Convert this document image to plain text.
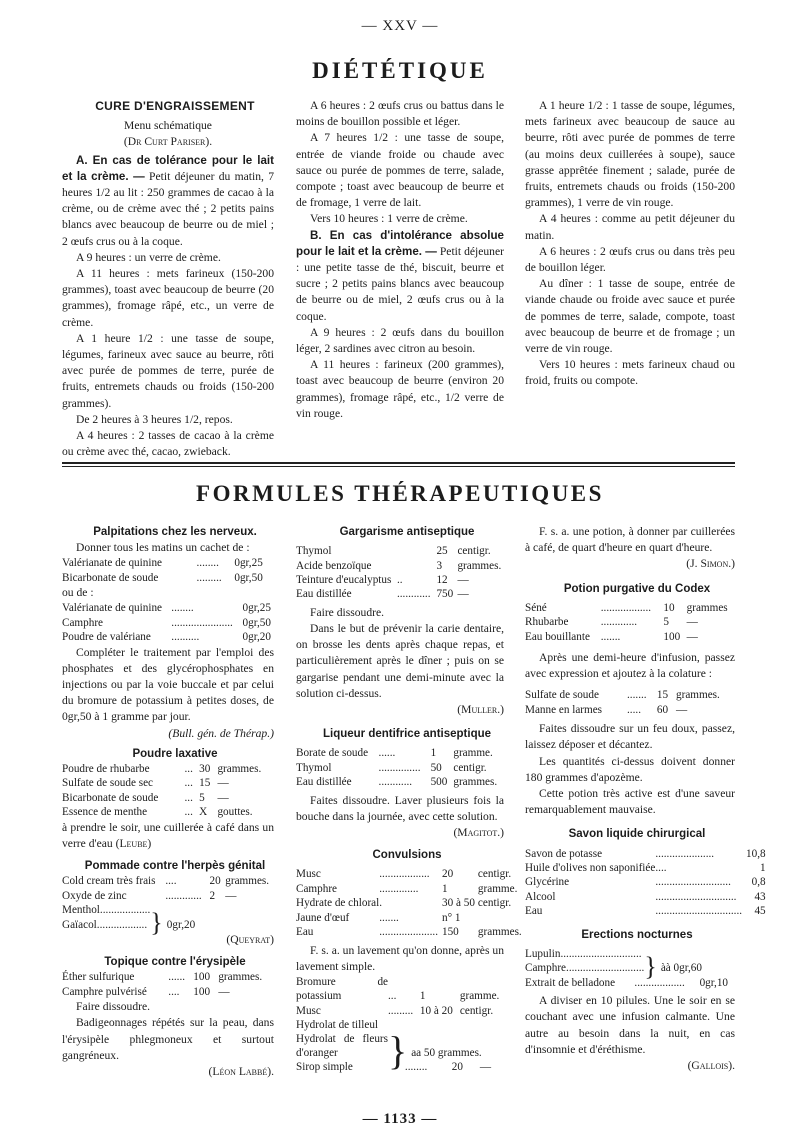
— XXV —
DIÉTÉTIQUE

CURE D'ENGRAISSEMENT

Menu schématique

(Dr Curt Pariser).

A. En cas de tolérance pour le lait et la crème. — Petit déjeuner du matin, 7 heures 1/2 au lit : 250 grammes de cacao à la crème, ou de crème avec thé ; 2 petits pains blancs avec beaucoup de beurre ou de miel ; 2 œufs crus ou à la coque.

A 9 heures : un verre de crème.

A 11 heures : mets farineux (150-200 grammes), toast avec beaucoup de beurre (20 grammes), fromage râpé, etc., un verre de crème.

A 1 heure 1/2 : une tasse de soupe, légumes, farineux avec sauce au beurre, rôti avec purée de pommes de terre, purée de fruits, entremets chauds ou froids (150-200 grammes).

De 2 heures à 3 heures 1/2, repos.

A 4 heures : 2 tasses de cacao à la crème ou crème avec thé, cacao, zwieback.

A 6 heures : 2 œufs crus ou battus dans le moins de bouillon possible et léger.

A 7 heures 1/2 : une tasse de soupe, entrée de viande froide ou chaude avec sauce ou purée de pommes de terre, salade, compote ; toast avec beaucoup de beurre et de fromage, 1 verre de lait.

Vers 10 heures : 1 verre de crème.

B. En cas d'intolérance absolue pour le lait et la crème. — Petit déjeuner : une petite tasse de thé, biscuit, beurre et sucre ; 2 petits pains blancs avec beaucoup de beurre ou de miel, 2 œufs crus ou à la coque.

A 9 heures : 2 œufs dans du bouillon léger, 2 sardines avec citron au besoin.

A 11 heures : farineux (200 grammes), toast avec beaucoup de beurre (environ 20 grammes), fromage râpé, etc., 1/2 verre de vin rouge.

A 1 heure 1/2 : 1 tasse de soupe, légumes, mets farineux avec beaucoup de sauce au beurre, rôti avec purée de pommes de terre (au moins deux cuillerées à soupe), sauce grasse apprêtée finement ; salade, purée de fruits, entremets chauds ou froids (150-200 grammes), 1 verre de vin rouge.

A 4 heures : comme au petit déjeuner du matin.

A 6 heures : 2 œufs crus ou dans très peu de bouillon léger.

Au dîner : 1 tasse de soupe, entrée de viande chaude ou froide avec sauce et purée de pommes de terre, salade, compote, toast avec beaucoup de beurre et de fromage ; un verre de vin rouge.

Vers 10 heures : mets farineux chaud ou froid, fruits ou compote.

FORMULES THÉRAPEUTIQUES

Palpitations chez les nerveux.

Donner tous les matins un cachet de :

Valérianate de quinine	........	0gr,25
Bicarbonate de soude	.........	0gr,50

ou de :

Valérianate de quinine	........	0gr,25
Camphre	......................	0gr,50
Poudre de valériane	..........	0gr,20

Compléter le traitement par l'emploi des phosphates et des glycérophosphates en injections ou par la voie buccale et par celui du bromure de potassium à petites doses, de 0gr,50 à 1 gramme par jour.

(Bull. gén. de Thérap.)

Poudre laxative

Poudre de rhubarbe	...	30	grammes.
Sulfate de soude sec	...	15	—
Bicarbonate de soude	...	5	—
Essence de menthe	...	X	gouttes.

à prendre le soir, une cuillerée à café dans un verre d'eau (Leube)

Pommade contre l'herpès génital

Cold cream très frais	....	20	grammes.
Oxyde de zinc	.............	2	—
Menthol..................
Gaïacol..................	}	0gr,20

(Queyrat)

Topique contre l'érysipèle

Éther sulfurique	......	100	grammes.
Camphre pulvérisé	....	100	—

Faire dissoudre.

Badigeonnages répétés sur la peau, dans l'érysipèle phlegmoneux et surtout gangréneux.

(Léon Labbé).

Gargarisme antiseptique

Thymol		25	centigr.
Acide benzoïque		3	grammes.
Teinture d'eucalyptus	..	12	—
Eau distillée	............	750	—

Faire dissoudre.

Dans le but de prévenir la carie dentaire, on brosse les dents après chaque repas, et particulièrement après le dîner ; puis on se gargarise pendant une demi-minute avec la solution ci-dessus.

(Muller.)

Liqueur dentifrice antiseptique

Borate de soude	......	1	gramme.
Thymol	...............	50	centigr.
Eau distillée	............	500	grammes.

Faites dissoudre. Laver plusieurs fois la bouche dans la journée, avec cette solution.

(Magitot.)

Convulsions

Musc	..................	20	centigr.
Camphre	..............	1	gramme.
Hydrate de chloral	.	30 à 50	centigr.
Jaune d'œuf	.......	n° 1	
Eau	.....................	150	grammes.

F. s. a. un lavement qu'on donne, après un lavement simple.

Bromure de potassium	...	1	gramme.
Musc	.........	10 à 20	centigr.
Hydrolat de tilleul
Hydrolat de fleurs d'oranger	}	aa 50 grammes.
Sirop simple	........	20	—

F. s. a. une potion, à donner par cuillerées à café, de quart d'heure en quart d'heure.

(J. Simon.)

Potion purgative du Codex

Séné	..................	10	grammes
Rhubarbe	.............	5	—
Eau bouillante	.......	100	—

Après une demi-heure d'infusion, passez avec expression et ajoutez à la colature :

Sulfate de soude	.......	15	grammes.
Manne en larmes	.....	60	—

Faites dissoudre sur un feu doux, passez, laissez déposer et décantez.

Les quantités ci-dessus doivent donner 180 grammes d'apozème.

Cette potion très active est d'une saveur remarquablement mauvaise.

Savon liquide chirurgical

Savon de potasse	.....................	10,8
Huile d'olives non saponifiée	....	1
Glycérine	...........................	0,8
Alcool	.............................	43
Eau	...............................	45

Erections nocturnes

Lupulin.............................
Camphre............................	}	àà 0gr,60
Extrait de belladone	..................	0gr,10

A diviser en 10 pilules. Une le soir en se couchant avec une infusion calmante. Une autre au besoin dans la nuit, en cas d'insomnie et d'éréthisme.

(Gallois).

— 1133 —
